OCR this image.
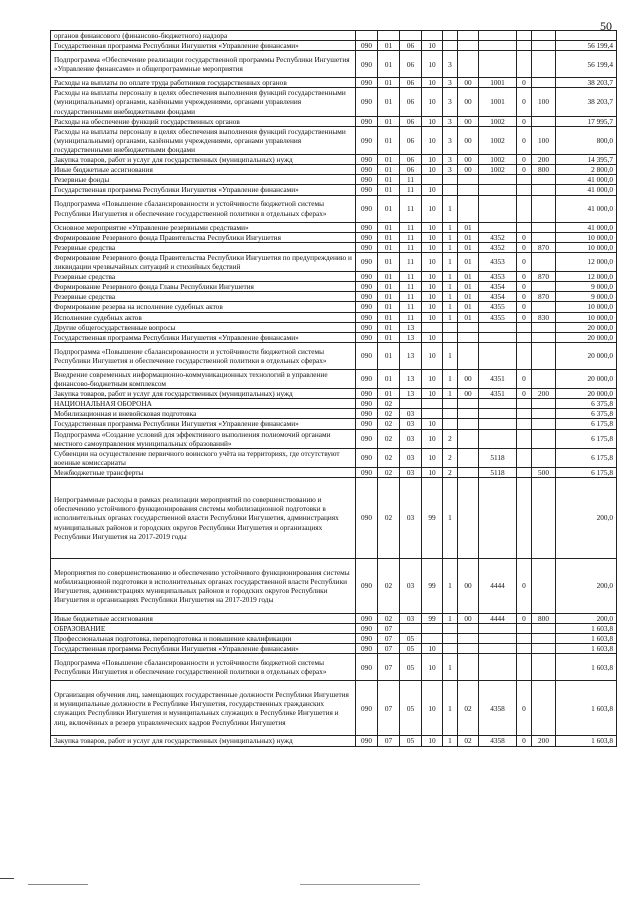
50
органов финансового (финансово-бюджетного) надзора										
Государственная программа Республики Ингушетия «Управление финансами»	090	01	06	10						56 199,4
Подпрограмма «Обеспечение реализации государственной программы Республики Ингушетия «Управление финансами» и общепрограммные мероприятия	090	01	06	10	3					56 199,4
Расходы на выплаты по оплате труда работников государственных органов	090	01	06	10	3	00	1001	0		38 203,7
Расходы на выплаты персоналу в целях обеспечения выполнения функций государственными (муниципальными) органами, казёнными учреждениями, органами управления государственными внебюджетными фондами	090	01	06	10	3	00	1001	0	100	38 203,7
Расходы на обеспечение функций государственных органов	090	01	06	10	3	00	1002	0		17 995,7
Расходы на выплаты персоналу в целях обеспечения выполнения функций государственными (муниципальными) органами, казёнными учреждениями, органами управления государственными внебюджетными фондами	090	01	06	10	3	00	1002	0	100	800,0
Закупка товаров, работ и услуг для государственных (муниципальных) нужд	090	01	06	10	3	00	1002	0	200	14 395,7
Иные бюджетные ассигнования	090	01	06	10	3	00	1002	0	800	2 800,0
Резервные фонды	090	01	11							41 000,0
Государственная программа Республики Ингушетия «Управление финансами»	090	01	11	10						41 000,0
Подпрограмма «Повышение сбалансированности и устойчивости бюджетной системы Республики Ингушетия и обеспечение государственной политики в отдельных сферах»	090	01	11	10	1					41 000,0
Основное мероприятие «Управление резервными средствами»	090	01	11	10	1	01				41 000,0
Формирование Резервного фонда Правительства Республики Ингушетия	090	01	11	10	1	01	4352	0		10 000,0
Резервные средства	090	01	11	10	1	01	4352	0	870	10 000,0
Формирование Резервного фонда Правительства Республики Ингушетия по предупреждению и ликвидации чрезвычайных ситуаций и стихийных бедствий	090	01	11	10	1	01	4353	0		12 000,0
Резервные средства	090	01	11	10	1	01	4353	0	870	12 000,0
Формирование Резервного фонда Главы Республики Ингушетия	090	01	11	10	1	01	4354	0		9 000,0
Резервные средства	090	01	11	10	1	01	4354	0	870	9 000,0
Формирование резерва на исполнение судебных актов	090	01	11	10	1	01	4355	0		10 000,0
Исполнение судебных актов	090	01	11	10	1	01	4355	0	830	10 000,0
Другие общегосударственные вопросы	090	01	13							20 000,0
Государственная программа Республики Ингушетия «Управление финансами»	090	01	13	10						20 000,0
Подпрограмма «Повышение сбалансированности и устойчивости бюджетной системы Республики Ингушетия и обеспечение государственной политики в отдельных сферах»	090	01	13	10	1					20 000,0
Внедрение современных информационно-коммуникационных технологий в управление финансово-бюджетным комплексом	090	01	13	10	1	00	4351	0		20 000,0
Закупка товаров, работ и услуг для государственных (муниципальных) нужд	090	01	13	10	1	00	4351	0	200	20 000,0
НАЦИОНАЛЬНАЯ ОБОРОНА	090	02								6 375,8
Мобилизационная и вневойсковая подготовка	090	02	03							6 375,8
Государственная программа Республики Ингушетия «Управление финансами»	090	02	03	10						6 175,8
Подпрограмма «Создание условий для эффективного выполнения полномочий органами местного самоуправления муниципальных образований»	090	02	03	10	2					6 175,8
Субвенции на осуществление первичного воинского учёта на территориях, где отсутствуют военные комиссариаты	090	02	03	10	2		5118			6 175,8
Межбюджетные трансферты	090	02	03	10	2		5118		500	6 175,8
Непрограммные расходы в рамках реализации мероприятий по совершенствованию и обеспечению устойчивого функционирования системы мобилизационной подготовки в исполнительных органах государственной власти Республики Ингушетия, администрациях муниципальных районов и городских округов Республики Ингушетия и организациях Республики Ингушетия на 2017-2019 годы	090	02	03	99	1					200,0
Мероприятия по совершенствованию и обеспечению устойчивого функционирования системы мобилизационной подготовки в исполнительных органах государственной власти Республики Ингушетия, администрациях муниципальных районов и городских округов Республики Ингушетия и организациях Республики Ингушетия на 2017-2019 годы	090	02	03	99	1	00	4444	0		200,0
Иные бюджетные ассигнования	090	02	03	99	1	00	4444	0	800	200,0
ОБРАЗОВАНИЕ	090	07								1 603,8
Профессиональная подготовка, переподготовка и повышение квалификации	090	07	05							1 603,8
Государственная программа Республики Ингушетия «Управление финансами»	090	07	05	10						1 603,8
Подпрограмма «Повышение сбалансированности и устойчивости бюджетной системы Республики Ингушетия и обеспечение государственной политики в отдельных сферах»	090	07	05	10	1					1 603,8
Организация обучения лиц, замещающих государственные должности Республики Ингушетия и муниципальные должности в Республике Ингушетия, государственных гражданских служащих Республики Ингушетия и муниципальных служащих в Республике Ингушетия и лиц, включённых в резерв управленческих кадров Республики Ингушетия	090	07	05	10	1	02	4358	0		1 603,8
Закупка товаров, работ и услуг для государственных (муниципальных) нужд	090	07	05	10	1	02	4358	0	200	1 603,8
